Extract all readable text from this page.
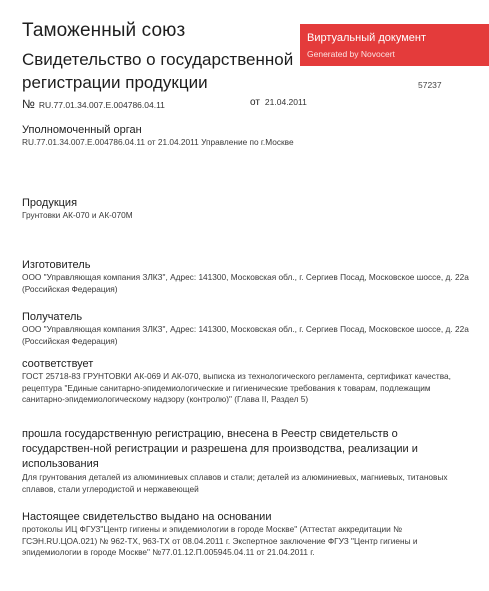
Таможенный союз
Свидетельство о государственной регистрации продукции
Виртуальный документ
Generated by Novocert
57237
№ RU.77.01.34.007.E.004786.04.11	от 21.04.2011
Уполномоченный орган
RU.77.01.34.007.E.004786.04.11 от 21.04.2011 Управление по г.Москве
Продукция
Грунтовки АК-070 и АК-070М
Изготовитель
ООО "Управляющая компания ЗЛКЗ", Адрес: 141300, Московская обл., г. Сергиев Посад, Московское шоссе, д. 22а (Российская Федерация)
Получатель
ООО "Управляющая компания ЗЛКЗ", Адрес: 141300, Московская обл., г. Сергиев Посад, Московское шоссе, д. 22а (Российская Федерация)
соответствует
ГОСТ 25718-83 ГРУНТОВКИ АК-069 И АК-070, выписка из технологического регламента, сертификат качества, рецептура "Единые санитарно-эпидемиологические и гигиенические требования к товарам, подлежащим санитарно-эпидемиологическому надзору (контролю)" (Глава II, Раздел 5)
прошла государственную регистрацию, внесена в Реестр свидетельств о государствен-ной регистрации и разрешена для производства, реализации и использования
Для грунтования деталей из алюминиевых сплавов и стали; деталей из алюминиевых, магниевых, титановых сплавов, стали углеродистой и нержавеющей
Настоящее свидетельство выдано на основании
протоколы ИЦ ФГУЗ"Центр гигиены и эпидемиологии в городе Москве" (Аттестат аккредитации № ГСЭН.RU.ЦОА.021) № 962-ТХ, 963-ТХ от 08.04.2011 г. Экспертное заключение ФГУЗ "Центр гигиены и эпидемиологии в городе Москве" №77.01.12.П.005945.04.11 от 21.04.2011 г.
